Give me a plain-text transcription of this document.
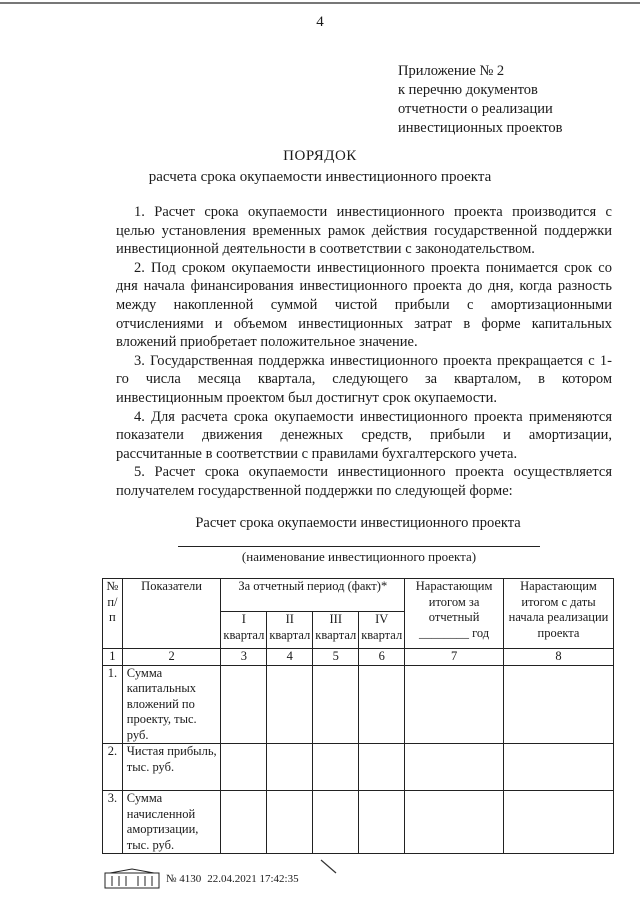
4
Приложение № 2
к перечню документов
отчетности о реализации
инвестиционных проектов
ПОРЯДОК
расчета срока окупаемости инвестиционного проекта

1. Расчет срока окупаемости инвестиционного проекта производится с целью установления временных рамок действия государственной поддержки инвестиционной деятельности в соответствии с законодательством.

2. Под сроком окупаемости инвестиционного проекта понимается срок со дня начала финансирования инвестиционного проекта до дня, когда разность между накопленной суммой чистой прибыли с амортизационными отчислениями и объемом инвестиционных затрат в форме капитальных вложений приобретает положительное значение.

3. Государственная поддержка инвестиционного проекта прекращается с 1-го числа месяца квартала, следующего за кварталом, в котором инвестиционным проектом был достигнут срок окупаемости.

4. Для расчета срока окупаемости инвестиционного проекта применяются показатели движения денежных средств, прибыли и амортизации, рассчитанные в соответствии с правилами бухгалтерского учета.

5. Расчет срока окупаемости инвестиционного проекта осуществляется получателем государственной поддержки по следующей форме:

Расчет срока окупаемости инвестиционного проекта
(наименование инвестиционного проекта)
№ п/п	Показатели	За отчетный период (факт)*				Нарастающим итогом за отчетный ________ год	Нарастающим итогом с даты начала реализации проекта
		I квартал	II квартал	III квартал	IV квартал		
1	2	3	4	5	6	7	8
1.	Сумма капитальных вложений по проекту, тыс. руб.						
2.	Чистая прибыль, тыс. руб.						
3.	Сумма начисленной амортизации, тыс. руб.						
№ 4130 22.04.2021 17:42:35
